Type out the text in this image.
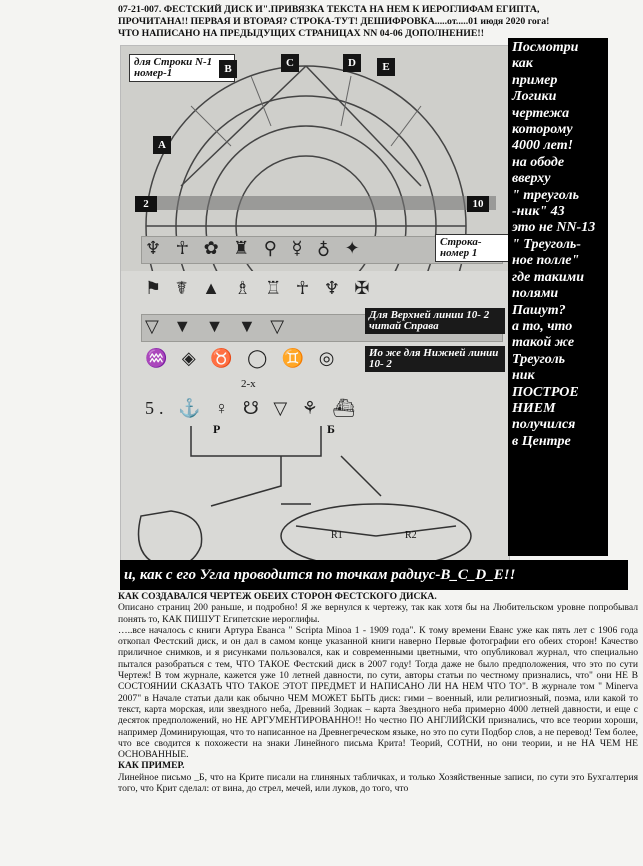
07-21-007. ФЕСТСКИЙ ДИСК И".ПРИВЯЗКА ТЕКСТА НА НЕМ К ИЕРОГЛИФАМ ЕГИПТА,
ПРОЧИТАНА!! ПЕРВАЯ И ВТОРАЯ? СТРОКА-ТУТ! ДЕШИФРОВКА.....от.....01 июдя 2020 гога!
ЧТО НАПИСАНО НА ПРЕДЫДУЩИХ СТРАНИЦАХ NN 04-06 ДОПОЛНЕНИЕ!!
для Строки N-1 номер-1
А
B	C	D	E
2	10
♆ ☥ ✿ ♜ ⚲ ☿ ♁ ✦	Строка-номер 1
⚑ ☤ ▲ ♗ ♖ ☥ ♆ ✠
▽ ▼ ▼ ▼ ▽
Для Верхней линии 10- 2 читай Справа
♒ ◈ ♉ ◯ ♊ ◎	Ио же для Нижней линии 10- 2
2-х
5. ⚓ ♀ ☋ ▽ ⚘ ⛴
Р	Б
R1	R2
Посмотри
как
пример
Логики
чертежа
которому
4000 лет!
на ободе
вверху
" треуголь
-ник" 43
это не NN-13
" Треуголь-
ное полле"
где такими
полями
Пашут?
а то, что
такой же
Треуголь
ник
ПОСТРОЕ
НИЕМ
получился
в Центре
и, как с его Угла проводится по точкам радиус-В_С_D_Е!!

КАК СОЗДАВАЛСЯ ЧЕРТЕЖ ОБЕИХ СТОРОН ФЕСТСКОГО ДИСКА.

Описано страниц 200 раньше, и подробно! Я же вернулся к чертежу, так как хотя бы на Любительском уровне попробывал понять то, КАК ПИШУТ Египетские иероглифы.

…..все началось с книги Артура Еванса " Scripta Minoa 1 - 1909 года". К тому времени Еванс уже как пять лет с 1906 года откопал Фестский диск, и он дал в самом конце указанной книги наверно Первые фотографии его обеих сторон! Качество приличное снимков, и я рисунками пользовался, как и современными цветными, что опубликовал журнал, что специально пытался разобраться с тем, ЧТО ТАКОЕ Фестский диск в 2007 году! Тогда даже не было предположения, что это по сути Чертеж! В том журнале, кажется уже 10 летней давности, по сути, авторы статьи по честному признались, что" они НЕ В СОСТОЯНИИ СКАЗАТЬ ЧТО ТАКОЕ ЭТОТ ПРЕДМЕТ И НАПИСАНО ЛИ НА НЕМ ЧТО ТО". В журнале том " Minerva 2007" в Начале статьи дали как обычно ЧЕМ МОЖЕТ БЫТЬ диск: гими – военный, или религиозный, поэма, или какой то текст, карта морская, или звездного неба, Древний Зодиак – карта Звездного неба примерно 4000 летней давности, и еще с десяток предположений, но НЕ АРГУМЕНТИРОВАННО!! Но честно ПО АНГЛИЙСКИ признались, что все теории хороши, например Доминирующая, что то написанное на Древнегреческом языке, но это по сути Подбор слов, а не перевод! Тем более, что все сводится к похожести на знаки Линейного письма Крита! Теорий, СОТНИ, но они теории, и не НА ЧЕМ НЕ ОСНОВАННЫЕ.

КАК ПРИМЕР.

Линейное письмо _Б, что на Крите писали на глиняных табличках, и только Хозяйственные записи, по сути это Бухгалтерия того, что Крит сделал: от вина, до стрел, мечей, или луков, до того, что
